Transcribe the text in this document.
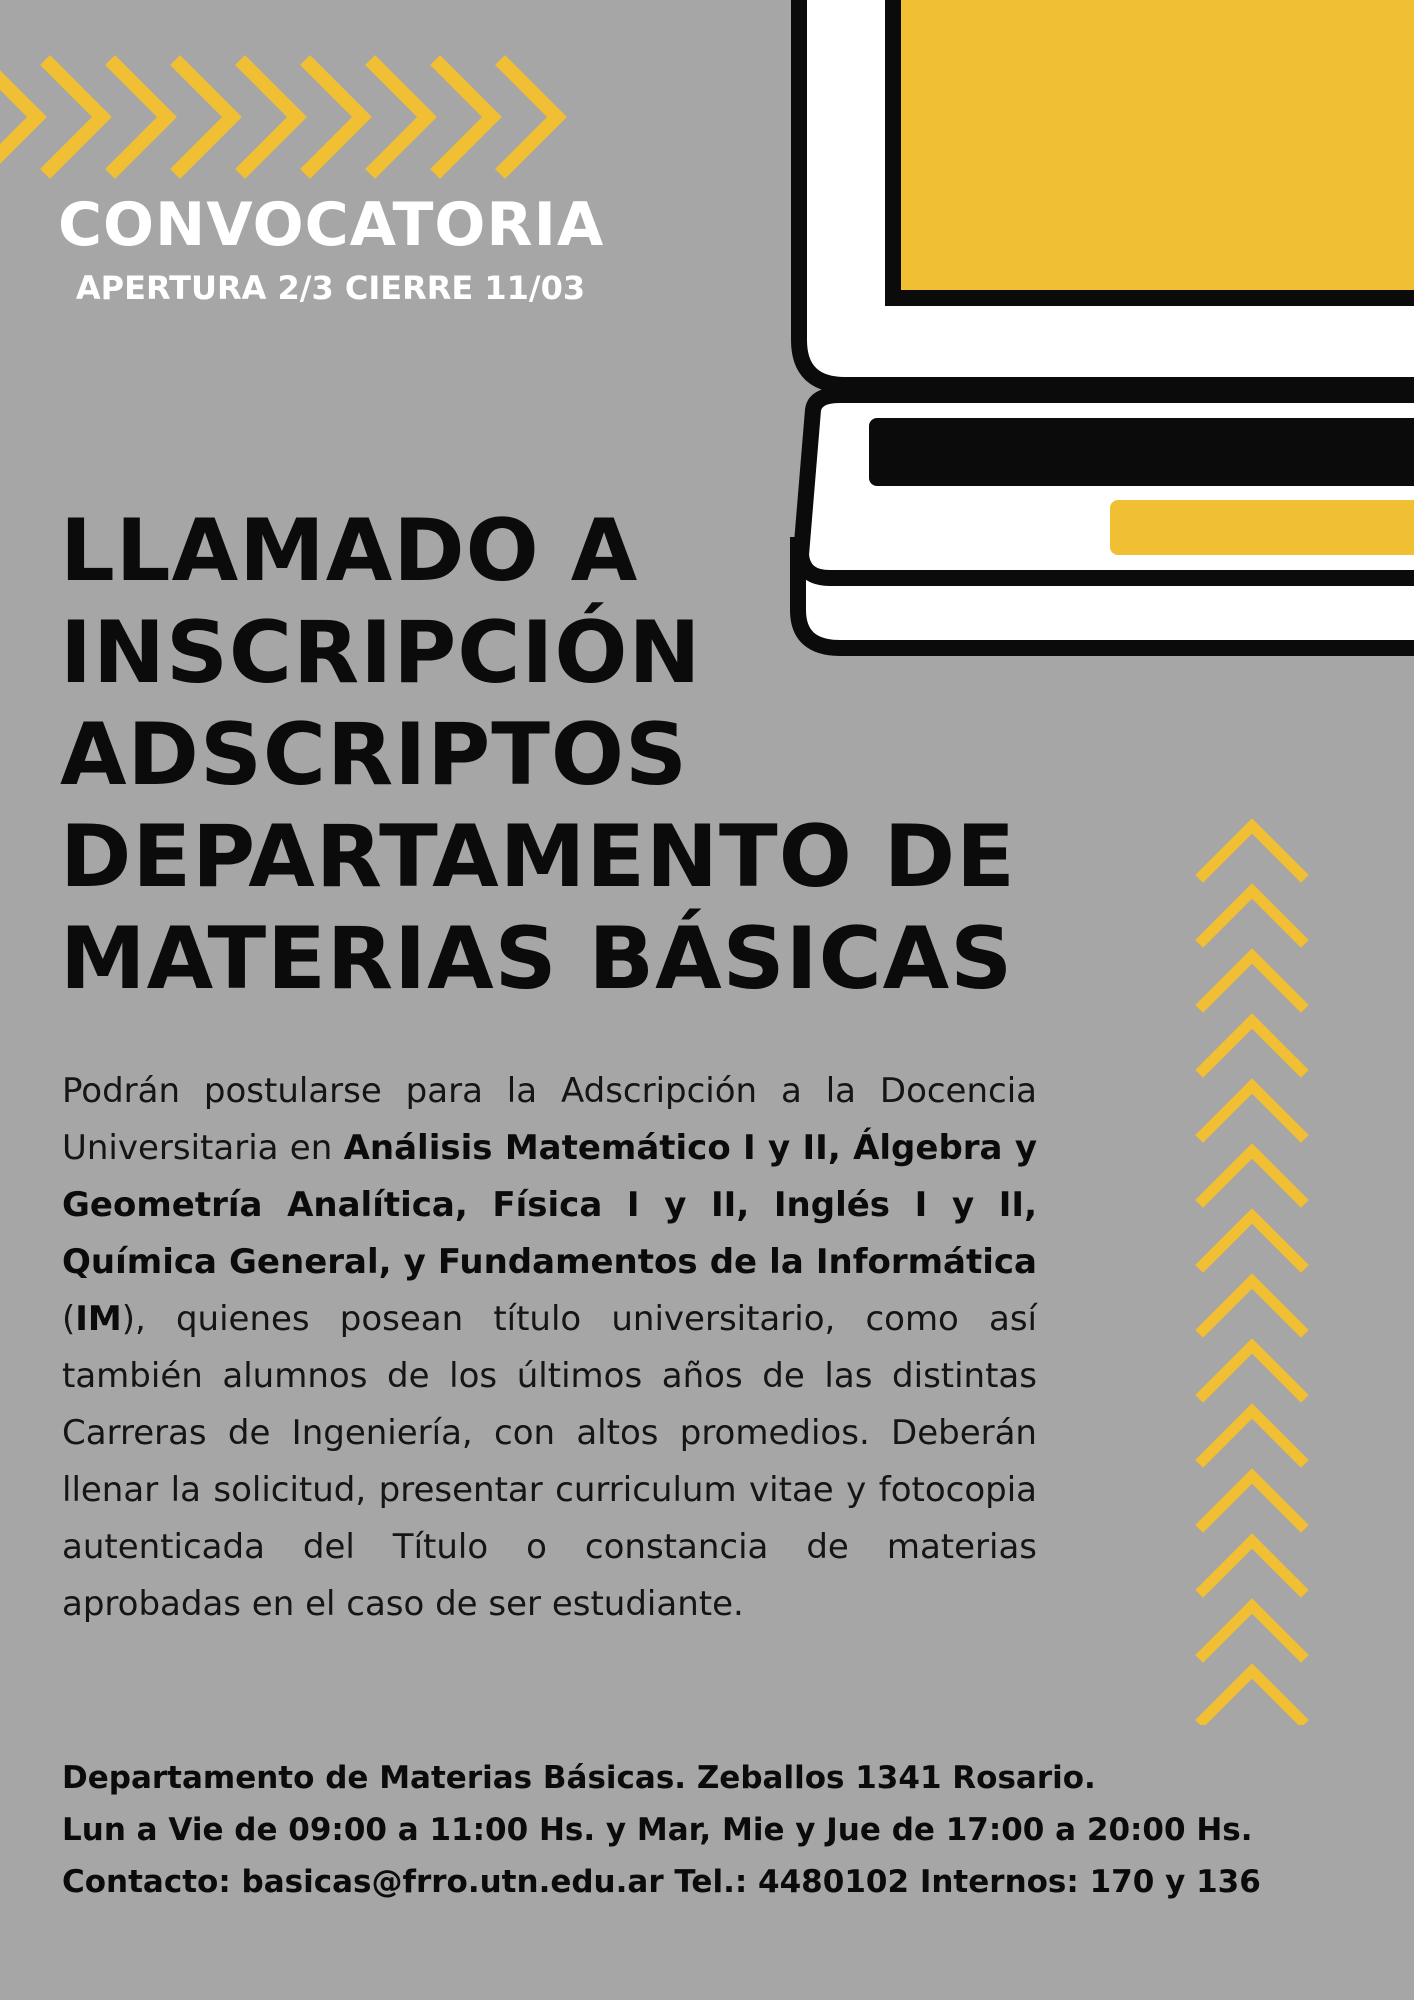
CONVOCATORIA
APERTURA 2/3 CIERRE 11/03
LLAMADO A
INSCRIPCIÓN
ADSCRIPTOS
DEPARTAMENTO DE
MATERIAS BÁSICAS
Podrán postularse para la Adscripción a la Docencia Universitaria en Análisis Matemático I y II, Álgebra y Geometría Analítica, Física I y II, Inglés I y II, Química General, y Fundamentos de la Informática (IM), quienes posean título universitario, como así también alumnos de los últimos años de las distintas Carreras de Ingeniería, con altos promedios. Deberán llenar la solicitud, presentar curriculum vitae y fotocopia autenticada del Título o constancia de materias aprobadas en el caso de ser estudiante.
Departamento de Materias Básicas. Zeballos 1341 Rosario.
Lun a Vie de 09:00 a 11:00 Hs. y Mar, Mie y Jue de 17:00 a 20:00 Hs.
Contacto: basicas@frro.utn.edu.ar Tel.: 4480102 Internos: 170 y 136
